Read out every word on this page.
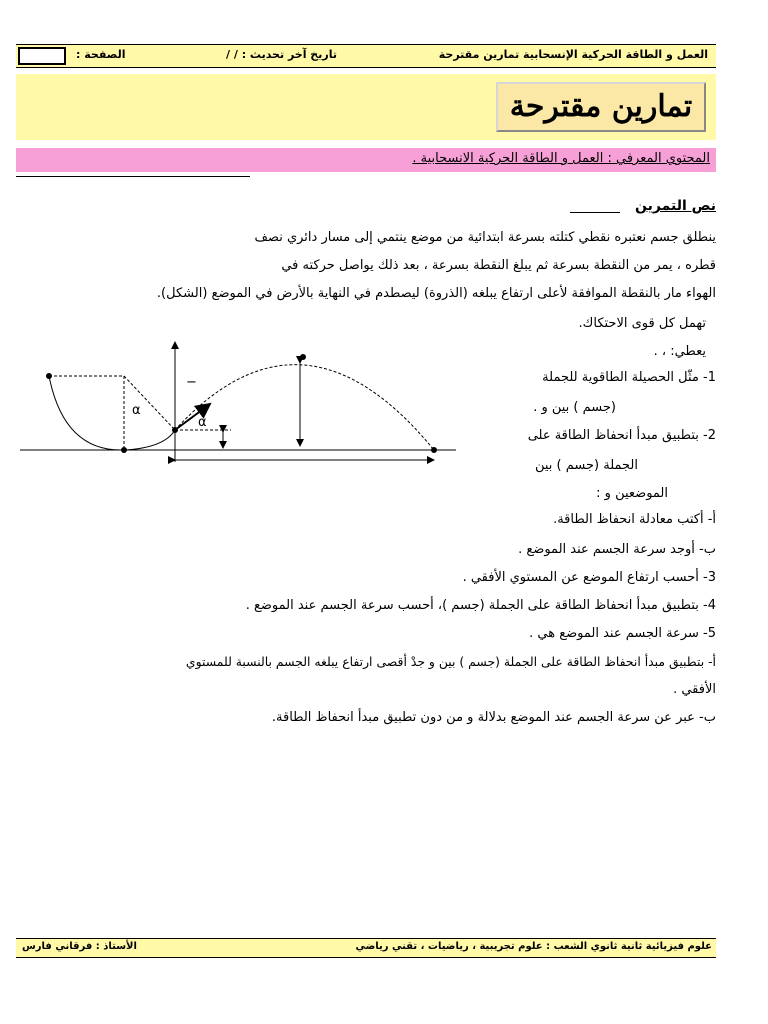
العمل و الطاقة الحركية الإنسحابية تمارين مقترحة
تاريخ آخر تحديث : / /
الصفحة :
تمارين مقترحة
المحتوي المعرفي : العمل و الطاقة الحركية الانسحابية .
نص التمرين
ينطلق جسم نعتبره نقطي كتلته بسرعة ابتدائية من موضع ينتمي إلى مسار دائري نصف
قطره ، يمر من النقطة بسرعة ثم يبلغ النقطة بسرعة ، بعد ذلك يواصل حركته في
الهواء مار بالنقطة الموافقة لأعلى ارتفاع يبلغه (الذروة) ليصطدم في النهاية بالأرض في الموضع (الشكل).
تهمل كل قوى الاحتكاك.
يعطي: ، .
1- مثّل الحصيلة الطاقوية للجملة
(جسم ) بين و .
2- بتطبيق مبدأ انحفاظ الطاقة على
الجملة (جسم ) بين
الموضعين و :
أ- أكتب معادلة انحفاظ الطاقة.
ب- أوجد سرعة الجسم عند الموضع .
3- أحسب ارتفاع الموضع عن المستوي الأفقي .
4- بتطبيق مبدأ انحفاظ الطاقة على الجملة (جسم )، أحسب سرعة الجسم عند الموضع .
5- سرعة الجسم عند الموضع هي .
أ- بتطبيق مبدأ انحفاظ الطاقة على الجملة (جسم ) بين و جدْ أقصى ارتفاع يبلغه الجسم بالنسبة للمستوي
الأفقي .
ب- عبر عن سرعة الجسم عند الموضع بدلالة و من دون تطبيق مبدأ انحفاظ الطاقة.
α
α
−
علوم فيزيائية ثانية ثانوي الشعب : علوم تجريبية ، رياضيات ، تقني رياضي
الأستاذ : فرقاني فارس
